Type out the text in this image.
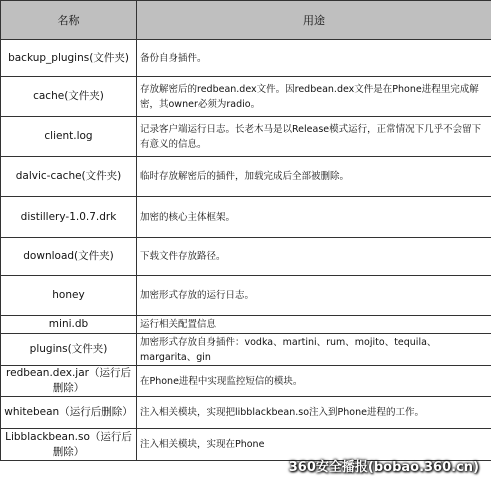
名称	用途
backup_plugins(文件夹)	备份自身插件。
cache(文件夹)	存放解密后的redbean.dex文件。因redbean.dex文件是在Phone进程里完成解密，其owner必须为radio。
client.log	记录客户端运行日志。长老木马是以Release模式运行，正常情况下几乎不会留下有意义的信息。
dalvic-cache(文件夹)	临时存放解密后的插件，加载完成后全部被删除。
distillery-1.0.7.drk	加密的核心主体框架。
download(文件夹)	下载文件存放路径。
honey	加密形式存放的运行日志。
mini.db	运行相关配置信息
plugins(文件夹)	加密形式存放自身插件：vodka、martini、rum、mojito、tequila、margarita、gin
redbean.dex.jar（运行后删除）	在Phone进程中实现监控短信的模块。
whitebean（运行后删除）	注入相关模块，实现把libblackbean.so注入到Phone进程的工作。
Libblackbean.so（运行后删除）	注入相关模块，实现在Phone
360安全播报(bobao.360.cn)
